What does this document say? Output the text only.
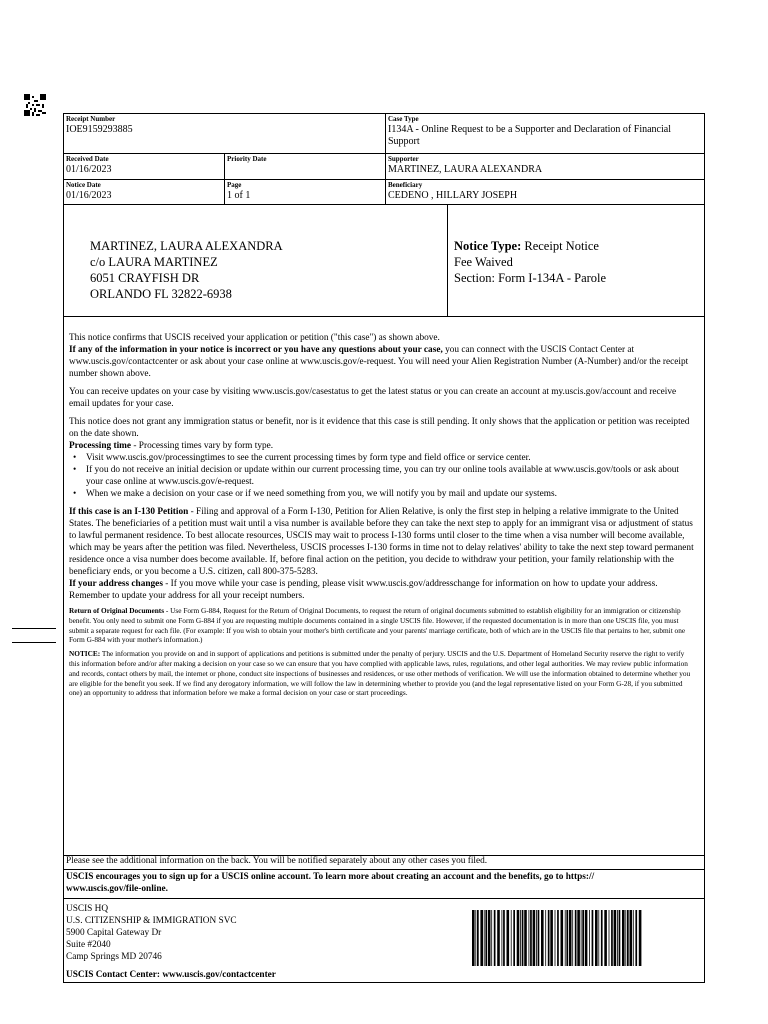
Receipt Number
IOE9159293885
Case Type
I134A - Online Request to be a Supporter and Declaration of Financial Support
Received Date
01/16/2023
Priority Date	Supporter
MARTINEZ, LAURA ALEXANDRA
Notice Date
01/16/2023
Page
1 of 1
Beneficiary
CEDENO , HILLARY JOSEPH
MARTINEZ, LAURA ALEXANDRA
c/o LAURA MARTINEZ
6051 CRAYFISH DR
ORLANDO FL 32822-6938
Notice Type: Receipt Notice
Fee Waived
Section: Form I-134A - Parole

This notice confirms that USCIS received your application or petition ("this case") as shown above.
If any of the information in your notice is incorrect or you have any questions about your case, you can connect with the USCIS Contact Center at www.uscis.gov/contactcenter or ask about your case online at www.uscis.gov/e-request. You will need your Alien Registration Number (A-Number) and/or the receipt number shown above.

You can receive updates on your case by visiting www.uscis.gov/casestatus to get the latest status or you can create an account at my.uscis.gov/account and receive email updates for your case.

This notice does not grant any immigration status or benefit, nor is it evidence that this case is still pending. It only shows that the application or petition was receipted on the date shown.

Processing time - Processing times vary by form type.
• Visit www.uscis.gov/processingtimes to see the current processing times by form type and field office or service center.
• If you do not receive an initial decision or update within our current processing time, you can try our online tools available at www.uscis.gov/tools or ask about your case online at www.uscis.gov/e-request.
• When we make a decision on your case or if we need something from you, we will notify you by mail and update our systems.

If this case is an I-130 Petition - Filing and approval of a Form I-130, Petition for Alien Relative, is only the first step in helping a relative immigrate to the United States. The beneficiaries of a petition must wait until a visa number is available before they can take the next step to apply for an immigrant visa or adjustment of status to lawful permanent residence. To best allocate resources, USCIS may wait to process I-130 forms until closer to the time when a visa number will become available, which may be years after the petition was filed. Nevertheless, USCIS processes I-130 forms in time not to delay relatives' ability to take the next step toward permanent residence once a visa number does become available. If, before final action on the petition, you decide to withdraw your petition, your family relationship with the beneficiary ends, or you become a U.S. citizen, call 800-375-5283.

If your address changes - If you move while your case is pending, please visit www.uscis.gov/addresschange for information on how to update your address. Remember to update your address for all your receipt numbers.

Return of Original Documents - Use Form G-884, Request for the Return of Original Documents, to request the return of original documents submitted to establish eligibility for an immigration or citizenship benefit. You only need to submit one Form G-884 if you are requesting multiple documents contained in a single USCIS file. However, if the requested documentation is in more than one USCIS file, you must submit a separate request for each file. (For example: If you wish to obtain your mother's birth certificate and your parents' marriage certificate, both of which are in the USCIS file that pertains to her, submit one Form G-884 with your mother's information.)

NOTICE: The information you provide on and in support of applications and petitions is submitted under the penalty of perjury. USCIS and the U.S. Department of Homeland Security reserve the right to verify this information before and/or after making a decision on your case so we can ensure that you have complied with applicable laws, rules, regulations, and other legal authorities. We may review public information and records, contact others by mail, the internet or phone, conduct site inspections of businesses and residences, or use other methods of verification. We will use the information obtained to determine whether you are eligible for the benefit you seek. If we find any derogatory information, we will follow the law in determining whether to provide you (and the legal representative listed on your Form G-28, if you submitted one) an opportunity to address that information before we make a formal decision on your case or start proceedings.

Please see the additional information on the back. You will be notified separately about any other cases you filed.
USCIS encourages you to sign up for a USCIS online account. To learn more about creating an account and the benefits, go to https:// www.uscis.gov/file-online.
USCIS HQ
U.S. CITIZENSHIP & IMMIGRATION SVC
5900 Capital Gateway Dr
Suite #2040
Camp Springs MD 20746
USCIS Contact Center: www.uscis.gov/contactcenter
